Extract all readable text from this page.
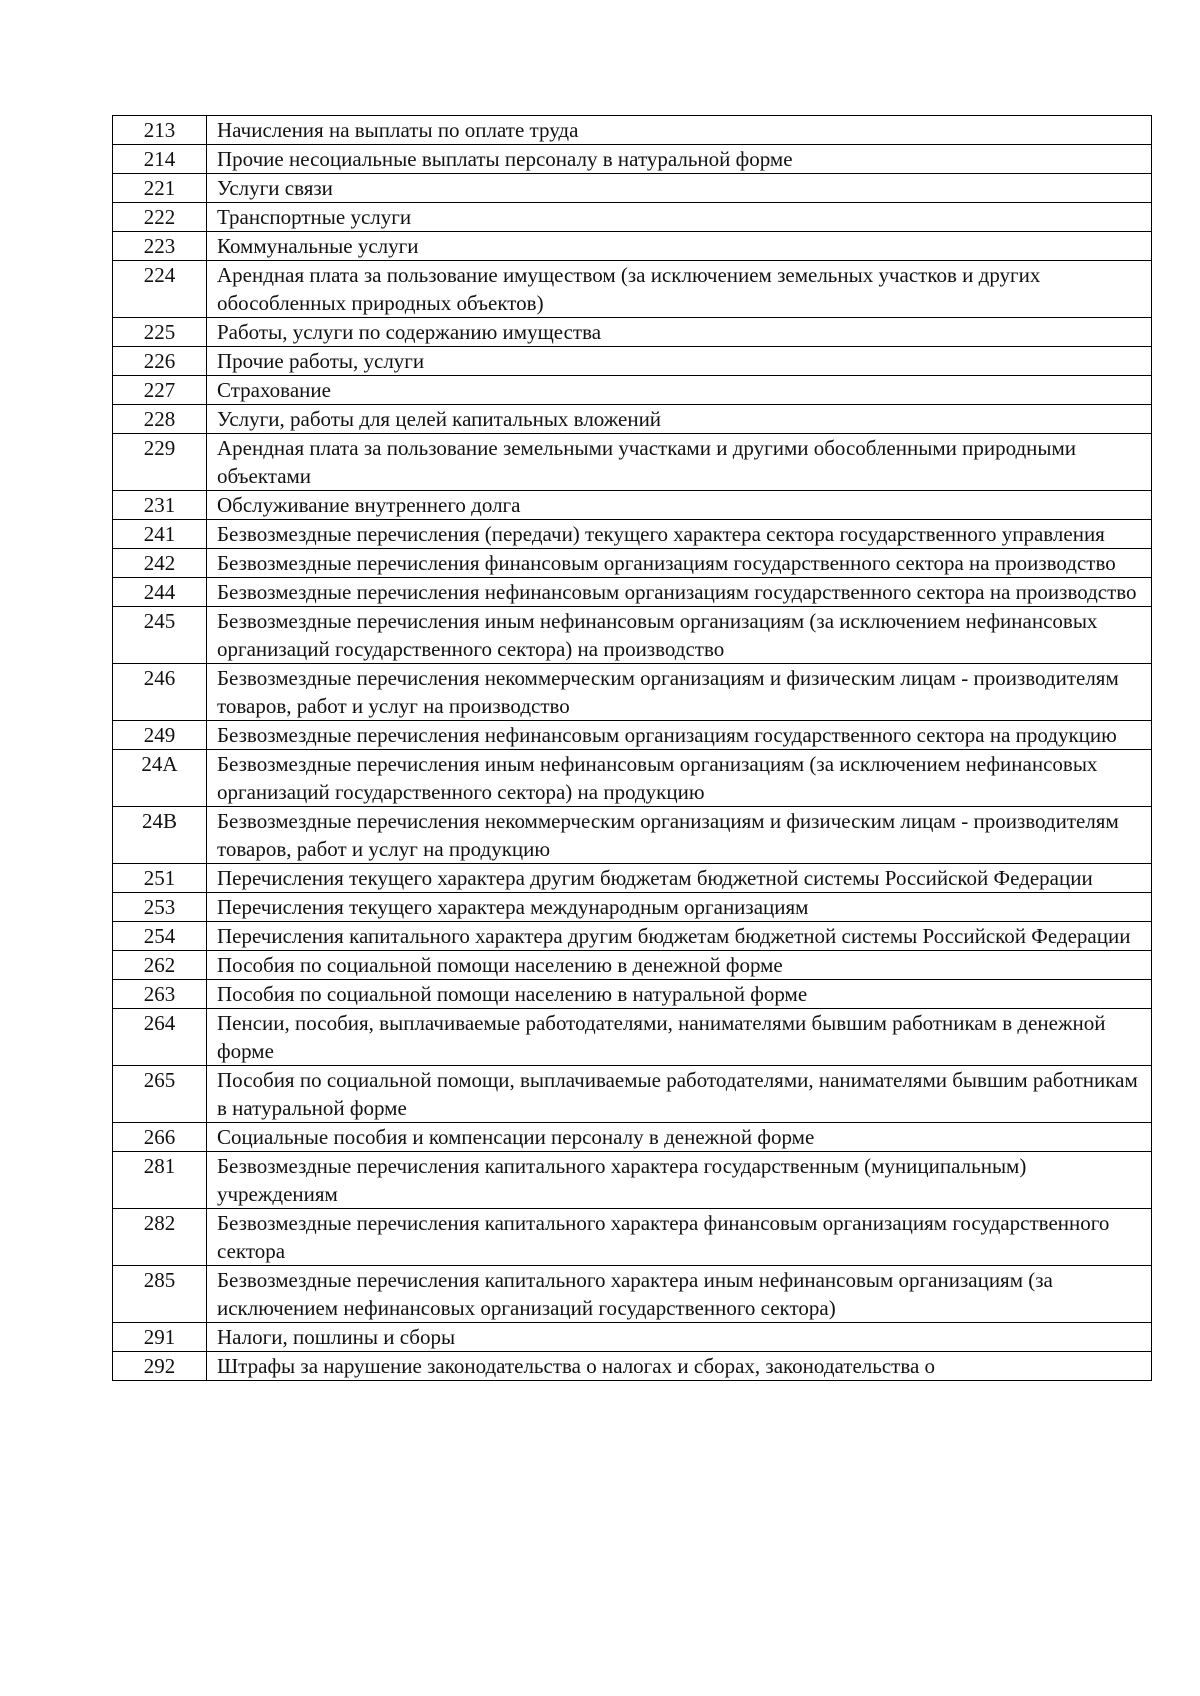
213	Начисления на выплаты по оплате труда
214	Прочие несоциальные выплаты персоналу в натуральной форме
221	Услуги связи
222	Транспортные услуги
223	Коммунальные услуги
224	Арендная плата за пользование имуществом (за исключением земельных участков и других обособленных природных объектов)
225	Работы, услуги по содержанию имущества
226	Прочие работы, услуги
227	Страхование
228	Услуги, работы для целей капитальных вложений
229	Арендная плата за пользование земельными участками и другими обособленными природными объектами
231	Обслуживание внутреннего долга
241	Безвозмездные перечисления (передачи) текущего характера сектора государственного управления
242	Безвозмездные перечисления финансовым организациям государственного сектора на производство
244	Безвозмездные перечисления нефинансовым организациям государственного сектора на производство
245	Безвозмездные перечисления иным нефинансовым организациям (за исключением нефинансовых организаций государственного сектора) на производство
246	Безвозмездные перечисления некоммерческим организациям и физическим лицам - производителям товаров, работ и услуг на производство
249	Безвозмездные перечисления нефинансовым организациям государственного сектора на продукцию
24А	Безвозмездные перечисления иным нефинансовым организациям (за исключением нефинансовых организаций государственного сектора) на продукцию
24В	Безвозмездные перечисления некоммерческим организациям и физическим лицам - производителям товаров, работ и услуг на продукцию
251	Перечисления текущего характера другим бюджетам бюджетной системы Российской Федерации
253	Перечисления текущего характера международным организациям
254	Перечисления капитального характера другим бюджетам бюджетной системы Российской Федерации
262	Пособия по социальной помощи населению в денежной форме
263	Пособия по социальной помощи населению в натуральной форме
264	Пенсии, пособия, выплачиваемые работодателями, нанимателями бывшим работникам в денежной форме
265	Пособия по социальной помощи, выплачиваемые работодателями, нанимателями бывшим работникам в натуральной форме
266	Социальные пособия и компенсации персоналу в денежной форме
281	Безвозмездные перечисления капитального характера государственным (муниципальным) учреждениям
282	Безвозмездные перечисления капитального характера финансовым организациям государственного сектора
285	Безвозмездные перечисления капитального характера иным нефинансовым организациям (за исключением нефинансовых организаций государственного сектора)
291	Налоги, пошлины и сборы
292	Штрафы за нарушение законодательства о налогах и сборах, законодательства о
